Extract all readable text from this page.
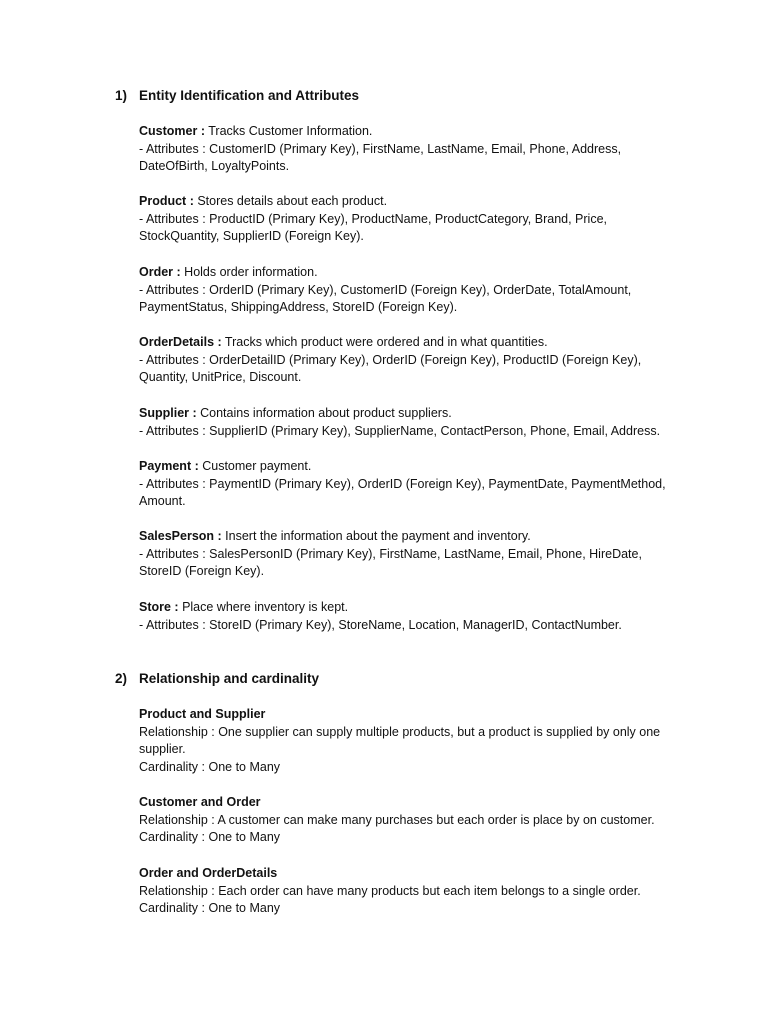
1) Entity Identification and Attributes

Customer : Tracks Customer Information.

- Attributes : CustomerID (Primary Key), FirstName, LastName, Email, Phone, Address, DateOfBirth, LoyaltyPoints.

Product : Stores details about each product.

- Attributes : ProductID (Primary Key), ProductName, ProductCategory, Brand, Price, StockQuantity, SupplierID (Foreign Key).

Order : Holds order information.

- Attributes : OrderID (Primary Key), CustomerID (Foreign Key), OrderDate, TotalAmount, PaymentStatus, ShippingAddress, StoreID (Foreign Key).

OrderDetails : Tracks which product were ordered and in what quantities.

- Attributes : OrderDetailID (Primary Key), OrderID (Foreign Key), ProductID (Foreign Key), Quantity, UnitPrice, Discount.

Supplier : Contains information about product suppliers.

- Attributes : SupplierID (Primary Key), SupplierName, ContactPerson, Phone, Email, Address.

Payment : Customer payment.

- Attributes : PaymentID (Primary Key), OrderID (Foreign Key), PaymentDate, PaymentMethod, Amount.

SalesPerson : Insert the information about the payment and inventory.

- Attributes : SalesPersonID (Primary Key), FirstName, LastName, Email, Phone, HireDate, StoreID (Foreign Key).

Store : Place where inventory is kept.

- Attributes : StoreID (Primary Key), StoreName, Location, ManagerID, ContactNumber.

2) Relationship and cardinality

Product and Supplier

Relationship : One supplier can supply multiple products, but a product is supplied by only one supplier.

Cardinality : One to Many

Customer and Order

Relationship : A customer can make many purchases but each order is place by on customer.

Cardinality : One to Many

Order and OrderDetails

Relationship : Each order can have many products but each item belongs to a single order.

Cardinality : One to Many
